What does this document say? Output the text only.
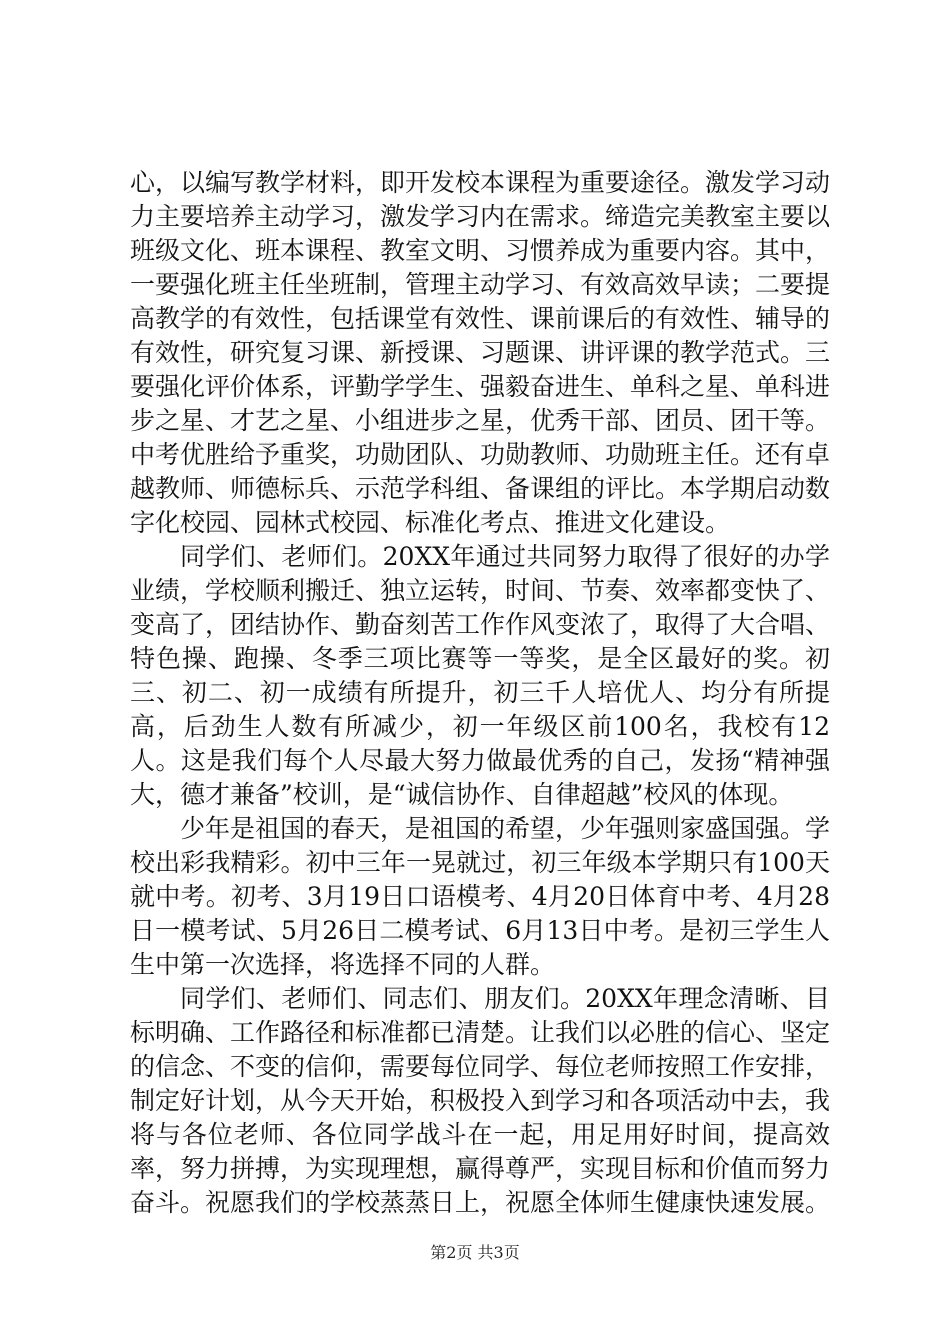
心，以编写教学材料，即开发校本课程为重要途径。激发学习动力主要培养主动学习，激发学习内在需求。缔造完美教室主要以班级文化、班本课程、教室文明、习惯养成为重要内容。其中，一要强化班主任坐班制，管理主动学习、有效高效早读；二要提高教学的有效性，包括课堂有效性、课前课后的有效性、辅导的有效性，研究复习课、新授课、习题课、讲评课的教学范式。三要强化评价体系，评勤学学生、强毅奋进生、单科之星、单科进步之星、才艺之星、小组进步之星，优秀干部、团员、团干等。中考优胜给予重奖，功勋团队、功勋教师、功勋班主任。还有卓越教师、师德标兵、示范学科组、备课组的评比。本学期启动数字化校园、园林式校园、标准化考点、推进文化建设。

同学们、老师们。20XX年通过共同努力取得了很好的办学业绩，学校顺利搬迁、独立运转，时间、节奏、效率都变快了、变高了，团结协作、勤奋刻苦工作作风变浓了，取得了大合唱、特色操、跑操、冬季三项比赛等一等奖，是全区最好的奖。初三、初二、初一成绩有所提升，初三千人培优人、均分有所提高，后劲生人数有所减少，初一年级区前100名，我校有12人。这是我们每个人尽最大努力做最优秀的自己，发扬“精神强大，德才兼备”校训，是“诚信协作、自律超越”校风的体现。

少年是祖国的春天，是祖国的希望，少年强则家盛国强。学校出彩我精彩。初中三年一晃就过，初三年级本学期只有100天就中考。初考、3月19日口语模考、4月20日体育中考、4月28日一模考试、5月26日二模考试、6月13日中考。是初三学生人生中第一次选择，将选择不同的人群。

同学们、老师们、同志们、朋友们。20XX年理念清晰、目标明确、工作路径和标准都已清楚。让我们以必胜的信心、坚定的信念、不变的信仰，需要每位同学、每位老师按照工作安排，制定好计划，从今天开始，积极投入到学习和各项活动中去，我将与各位老师、各位同学战斗在一起，用足用好时间，提高效率，努力拼搏，为实现理想，赢得尊严，实现目标和价值而努力奋斗。祝愿我们的学校蒸蒸日上，祝愿全体师生健康快速发展。

第2页 共3页
